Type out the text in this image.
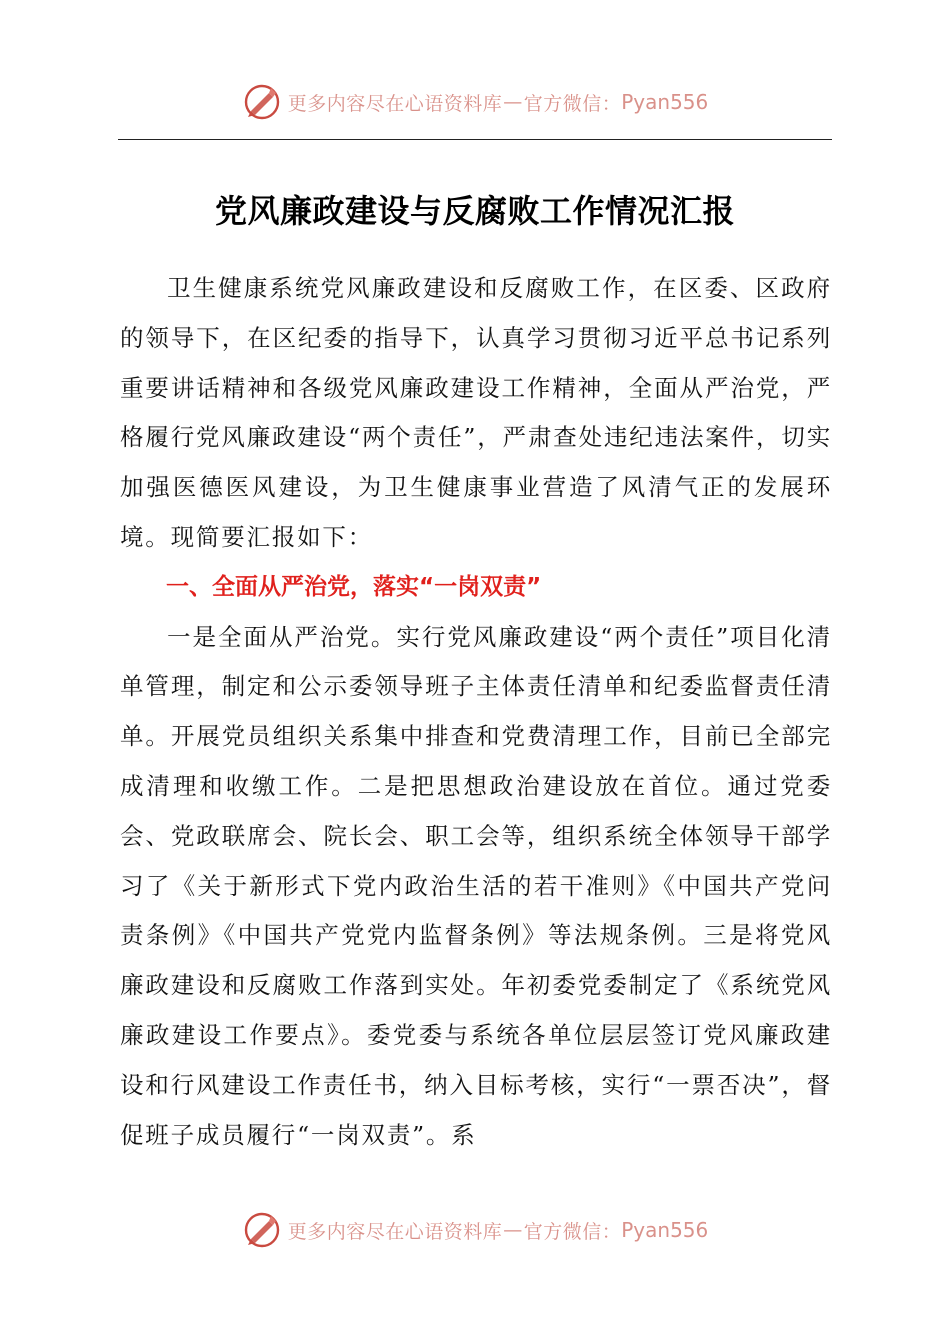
更多内容尽在心语资料库 — 官方微信： Pyan556
党风廉政建设与反腐败工作情况汇报

卫生健康系统党风廉政建设和反腐败工作，在区委、区政府的领导下，在区纪委的指导下，认真学习贯彻习近平总书记系列重要讲话精神和各级党风廉政建设工作精神，全面从严治党，严格履行党风廉政建设“两个责任”，严肃查处违纪违法案件，切实加强医德医风建设，为卫生健康事业营造了风清气正的发展环境。现简要汇报如下：

一、全面从严治党，落实“一岗双责”

一是全面从严治党。实行党风廉政建设“两个责任”项目化清单管理，制定和公示委领导班子主体责任清单和纪委监督责任清单。开展党员组织关系集中排查和党费清理工作，目前已全部完成清理和收缴工作。二是把思想政治建设放在首位。通过党委会、党政联席会、院长会、职工会等，组织系统全体领导干部学习了《关于新形式下党内政治生活的若干准则》《中国共产党问责条例》《中国共产党党内监督条例》等法规条例。三是将党风廉政建设和反腐败工作落到实处。年初委党委制定了《系统党风廉政建设工作要点》。委党委与系统各单位层层签订党风廉政建设和行风建设工作责任书，纳入目标考核，实行“一票否决”，督促班子成员履行“一岗双责”。系

更多内容尽在心语资料库 — 官方微信： Pyan556
